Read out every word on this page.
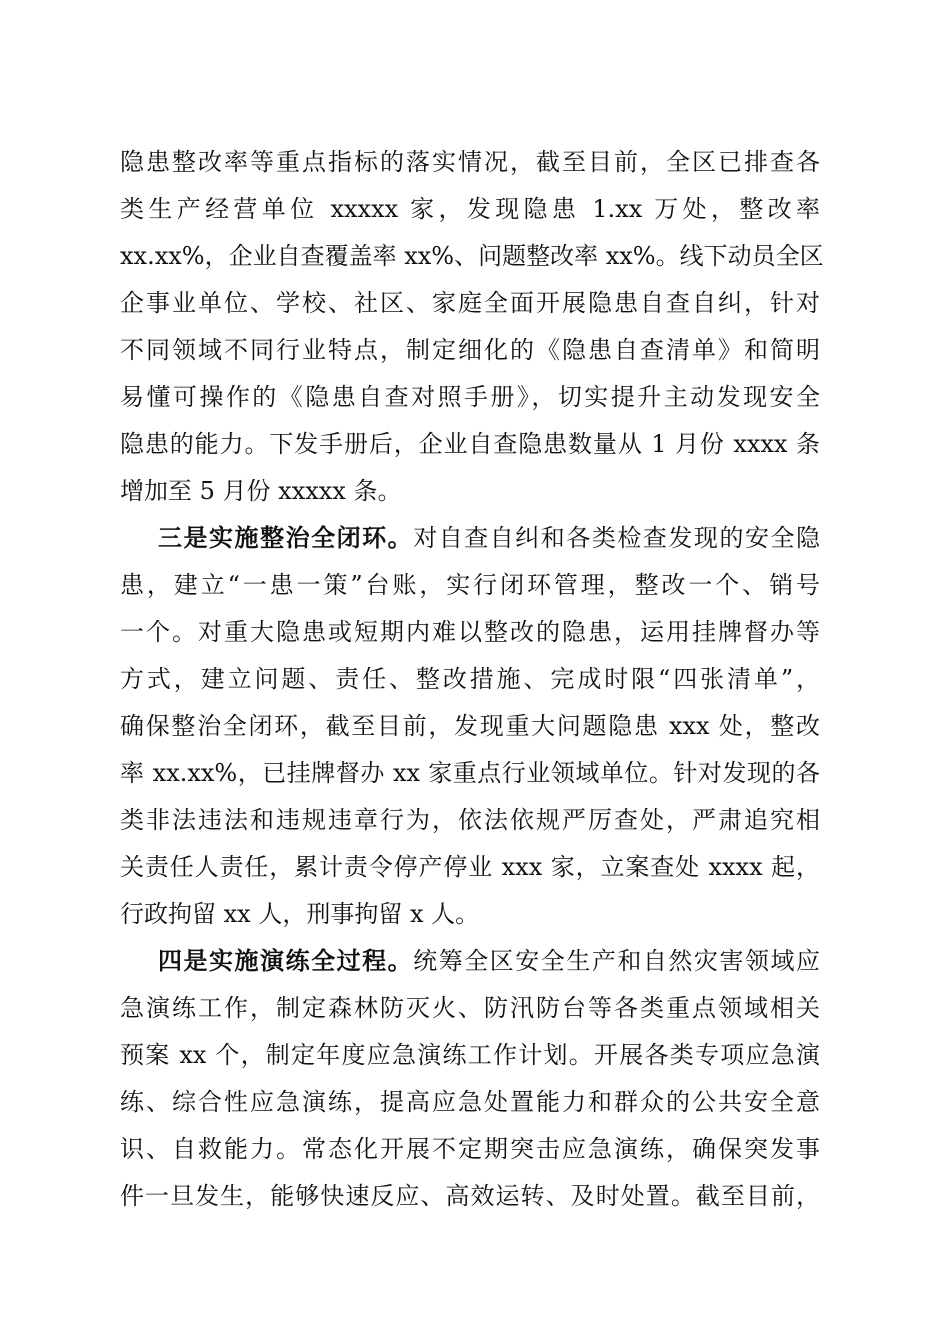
隐患整改率等重点指标的落实情况，截至目前，全区已排查各
类生产经营单位 xxxxx 家，发现隐患 1.xx 万处，整改率
xx.xx%，企业自查覆盖率 xx%、问题整改率 xx%。线下动员全区
企事业单位、学校、社区、家庭全面开展隐患自查自纠，针对
不同领域不同行业特点，制定细化的《隐患自查清单》和简明
易懂可操作的《隐患自查对照手册》，切实提升主动发现安全
隐患的能力。下发手册后，企业自查隐患数量从 1 月份 xxxx 条
增加至 5 月份 xxxxx 条。
三是实施整治全闭环。对自查自纠和各类检查发现的安全隐
患，建立“一患一策”台账，实行闭环管理，整改一个、销号
一个。对重大隐患或短期内难以整改的隐患，运用挂牌督办等
方式，建立问题、责任、整改措施、完成时限“四张清单”，
确保整治全闭环，截至目前，发现重大问题隐患 xxx 处，整改
率 xx.xx%，已挂牌督办 xx 家重点行业领域单位。针对发现的各
类非法违法和违规违章行为，依法依规严厉查处，严肃追究相
关责任人责任，累计责令停产停业 xxx 家，立案查处 xxxx 起，
行政拘留 xx 人，刑事拘留 x 人。
四是实施演练全过程。统筹全区安全生产和自然灾害领域应
急演练工作，制定森林防灭火、防汛防台等各类重点领域相关
预案 xx 个，制定年度应急演练工作计划。开展各类专项应急演
练、综合性应急演练，提高应急处置能力和群众的公共安全意
识、自救能力。常态化开展不定期突击应急演练，确保突发事
件一旦发生，能够快速反应、高效运转、及时处置。截至目前，
